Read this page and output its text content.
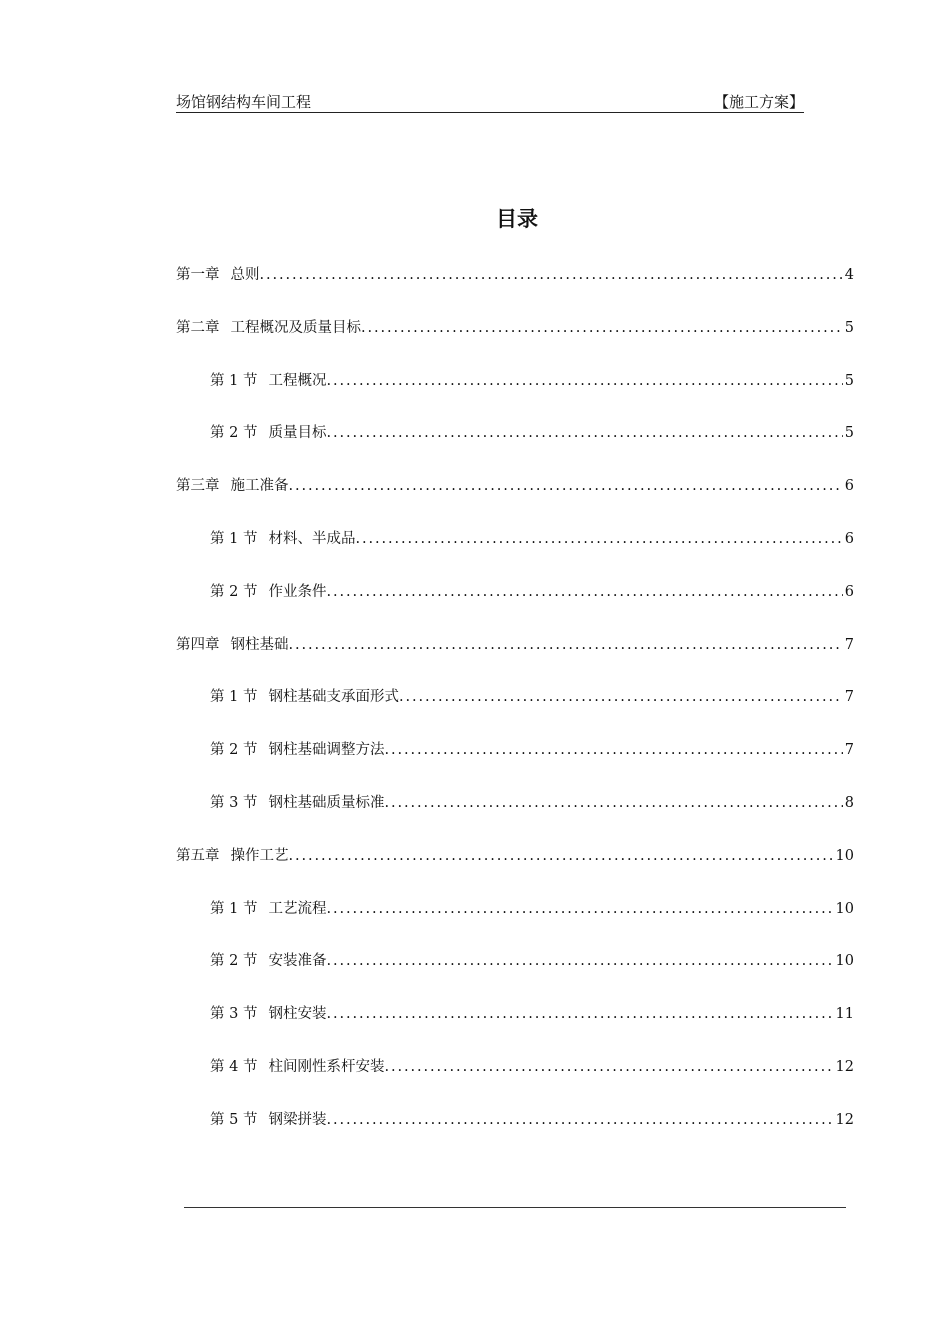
场馆钢结构车间工程	【施工方案】
目录
第一章 总则 .....	4
第二章 工程概况及质量目标 .....	5
第 1 节 工程概况 .....	5
第 2 节 质量目标 .....	5
第三章 施工准备 .....	6
第 1 节 材料、半成品 .....	6
第 2 节 作业条件 .....	6
第四章 钢柱基础 .....	7
第 1 节 钢柱基础支承面形式 .....	7
第 2 节 钢柱基础调整方法 .....	7
第 3 节 钢柱基础质量标准 .....	8
第五章 操作工艺 .....	10
第 1 节 工艺流程 .....	10
第 2 节 安装准备 .....	10
第 3 节 钢柱安装 .....	11
第 4 节 柱间刚性系杆安装 .....	12
第 5 节 钢梁拼装 .....	12
